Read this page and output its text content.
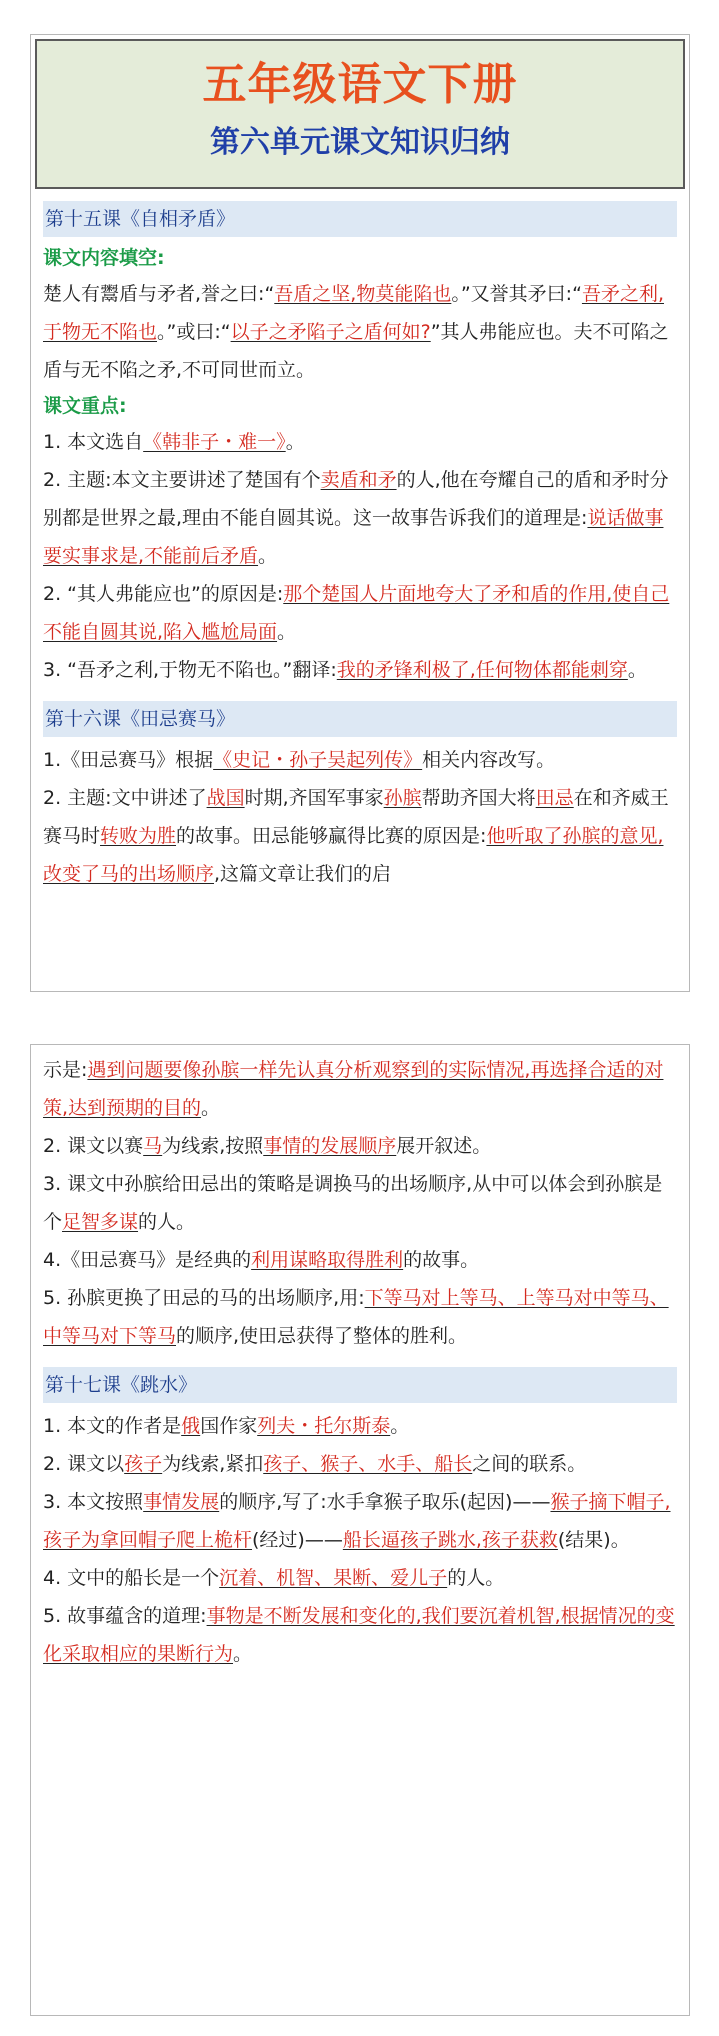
五年级语文下册
第六单元课文知识归纳
第十五课《自相矛盾》
课文内容填空:
楚人有鬻盾与矛者,誉之曰:“吾盾之坚,物莫能陷也。”又誉其矛曰:“吾矛之利,于物无不陷也。”或曰:“以子之矛陷子之盾何如?”其人弗能应也。夫不可陷之盾与无不陷之矛,不可同世而立。
课文重点:
1. 本文选自《韩非子・难一》。
2. 主题:本文主要讲述了楚国有个卖盾和矛的人,他在夸耀自己的盾和矛时分别都是世界之最,理由不能自圆其说。这一故事告诉我们的道理是:说话做事要实事求是,不能前后矛盾。
2. “其人弗能应也”的原因是:那个楚国人片面地夸大了矛和盾的作用,使自己不能自圆其说,陷入尴尬局面。
3. “吾矛之利,于物无不陷也。”翻译:我的矛锋利极了,任何物体都能刺穿。
第十六课《田忌赛马》
1.《田忌赛马》根据《史记・孙子吴起列传》相关内容改写。
2. 主题:文中讲述了战国时期,齐国军事家孙膑帮助齐国大将田忌在和齐威王赛马时转败为胜的故事。田忌能够赢得比赛的原因是:他听取了孙膑的意见,改变了马的出场顺序,这篇文章让我们的启
示是:遇到问题要像孙膑一样先认真分析观察到的实际情况,再选择合适的对策,达到预期的目的。
2. 课文以赛马为线索,按照事情的发展顺序展开叙述。
3. 课文中孙膑给田忌出的策略是调换马的出场顺序,从中可以体会到孙膑是个足智多谋的人。
4.《田忌赛马》是经典的利用谋略取得胜利的故事。
5. 孙膑更换了田忌的马的出场顺序,用:下等马对上等马、上等马对中等马、中等马对下等马的顺序,使田忌获得了整体的胜利。
第十七课《跳水》
1. 本文的作者是俄国作家列夫・托尔斯泰。
2. 课文以孩子为线索,紧扣孩子、猴子、水手、船长之间的联系。
3. 本文按照事情发展的顺序,写了:水手拿猴子取乐(起因)——猴子摘下帽子,孩子为拿回帽子爬上桅杆(经过)——船长逼孩子跳水,孩子获救(结果)。
4. 文中的船长是一个沉着、机智、果断、爱儿子的人。
5. 故事蕴含的道理:事物是不断发展和变化的,我们要沉着机智,根据情况的变化采取相应的果断行为。
